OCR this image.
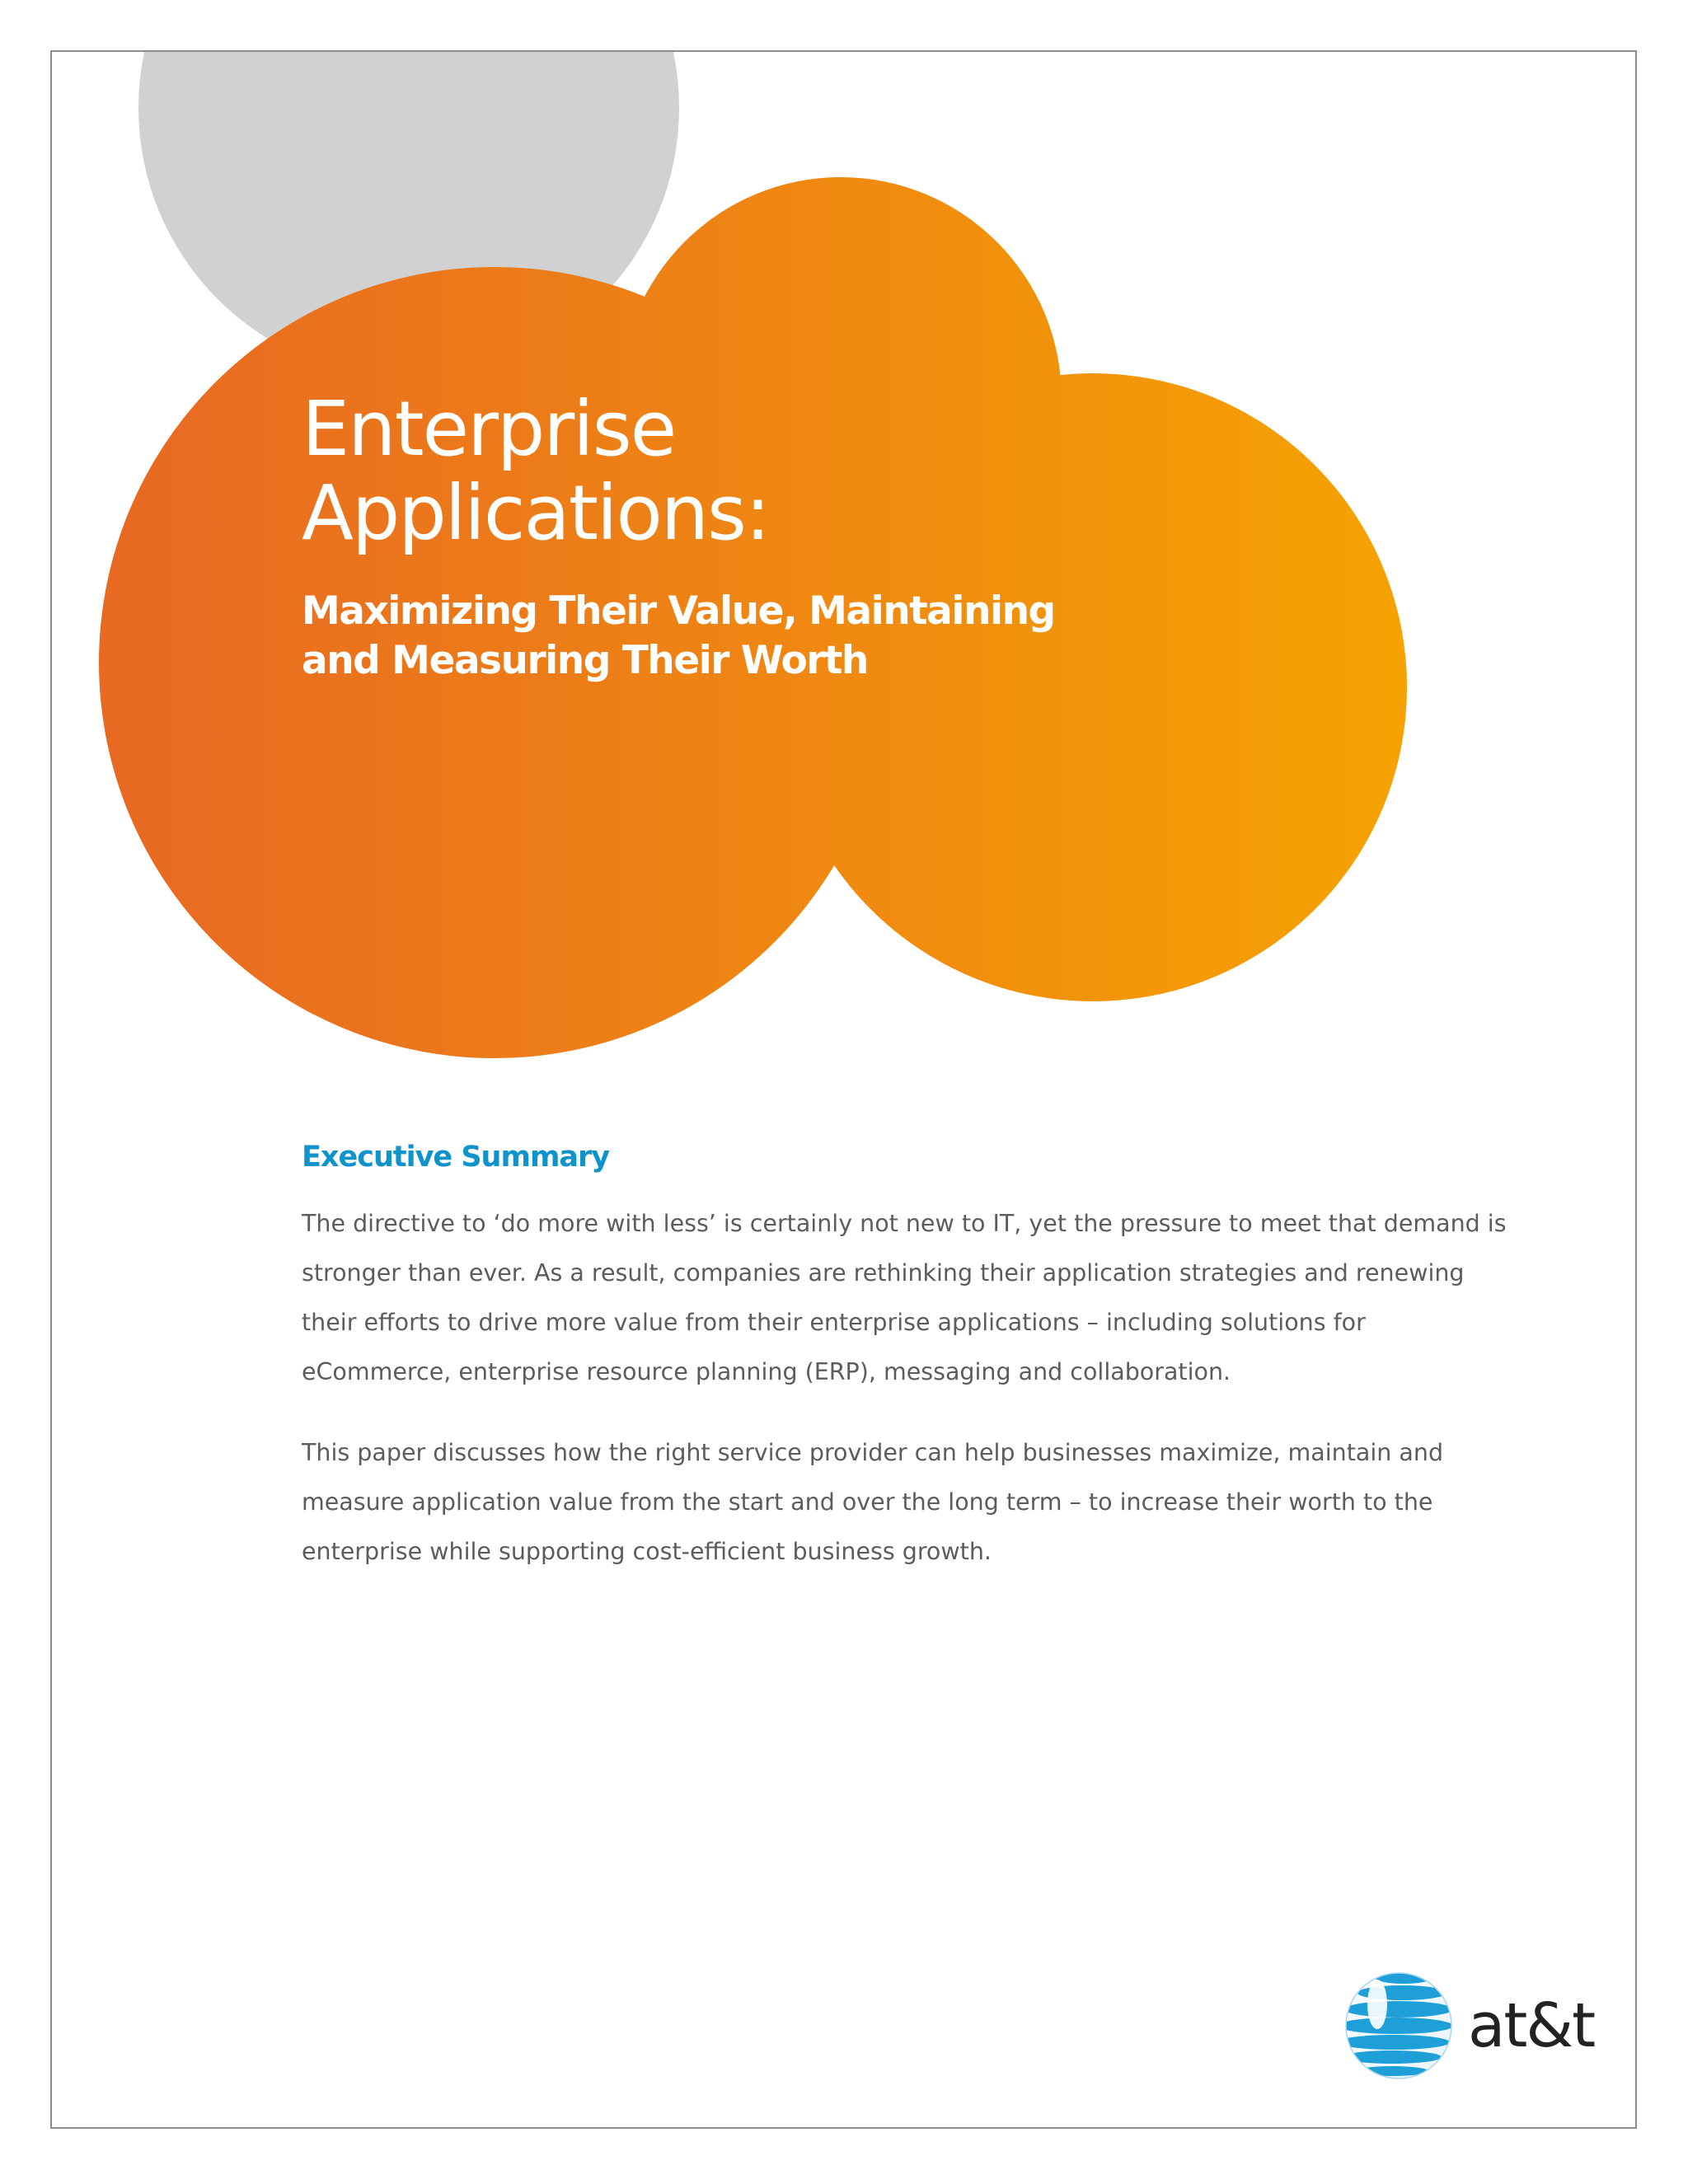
Enterprise
Applications:
Maximizing Their Value, Maintaining
and Measuring Their Worth
Executive Summary

The directive to ‘do more with less’ is certainly not new to IT, yet the pressure to meet that demand is stronger than ever. As a result, companies are rethinking their application strategies and renewing their efforts to drive more value from their enterprise applications – including solutions for eCommerce, enterprise resource planning (ERP), messaging and collaboration.

This paper discusses how the right service provider can help businesses maximize, maintain and measure application value from the start and over the long term – to increase their worth to the enterprise while supporting cost-efficient business growth.

at&t
